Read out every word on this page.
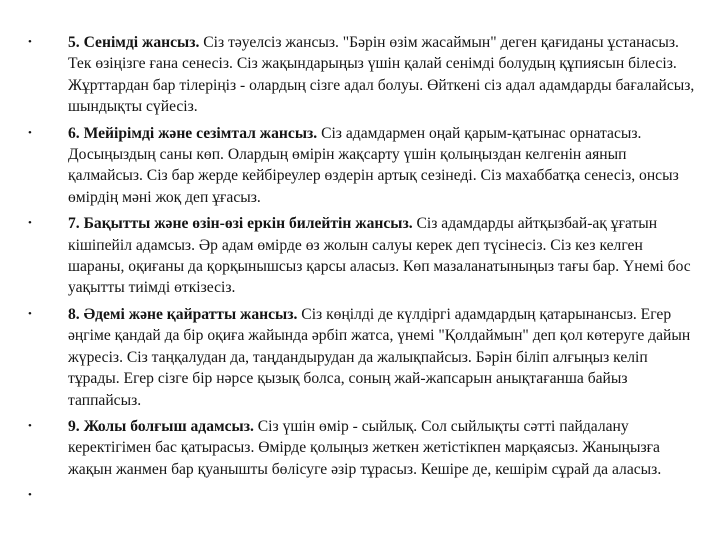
• 5. Сенімді жансыз. Сіз тәуелсіз жансыз. "Бәрін өзім жасаймын" деген қағиданы ұстанасыз. Тек өзіңізге ғана сенесіз. Сіз жақындарыңыз үшін қалай сенімді болудың құпиясын білесіз. Жұрттардан бар тілеріңіз - олардың сізге адал болуы. Өйткені сіз адал адамдарды бағалайсыз, шындықты сүйесіз.
• 6. Мейірімді және сезімтал жансыз. Сіз адамдармен оңай қарым-қатынас орнатасыз. Досыңыздың саны көп. Олардың өмірін жақсарту үшін қолыңыздан келгенін аянып қалмайсыз. Сіз бар жерде кейбіреулер өздерін артық сезінеді. Сіз махаббатқа сенесіз, онсыз өмірдің мәні жоқ деп ұғасыз.
• 7. Бақытты және өзін-өзі еркін билейтін жансыз. Сіз адамдарды айтқызбай-ақ ұғатын кішіпейіл адамсыз. Әр адам өмірде өз жолын салуы керек деп түсінесіз. Сіз кез келген шараны, оқиғаны да қорқынышсыз қарсы аласыз. Көп мазаланатыныңыз тағы бар. Үнемі бос уақытты тиімді өткізесіз.
• 8. Әдемі және қайратты жансыз. Сіз көңілді де күлдіргі адамдардың қатарынансыз. Егер әңгіме қандай да бір оқиға жайында әрбіп жатса, үнемі "Қолдаймын" деп қол көтеруге дайын жүресіз. Сіз таңқалудан да, таңдандырудан да жалықпайсыз. Бәрін біліп алғыңыз келіп тұрады. Егер сізге бір нәрсе қызық болса, соның жай-жапсарын анықтағанша байыз таппайсыз.
• 9. Жолы болғыш адамсыз. Сіз үшін өмір - сыйлық. Сол сыйлықты сәтті пайдалану керектігімен бас қатырасыз. Өмірде қолыңыз жеткен жетістікпен марқаясыз. Жаныңызға жақын жанмен бар қуанышты бөлісуге әзір тұрасыз. Кешіре де, кешірім сұрай да аласыз.
•
